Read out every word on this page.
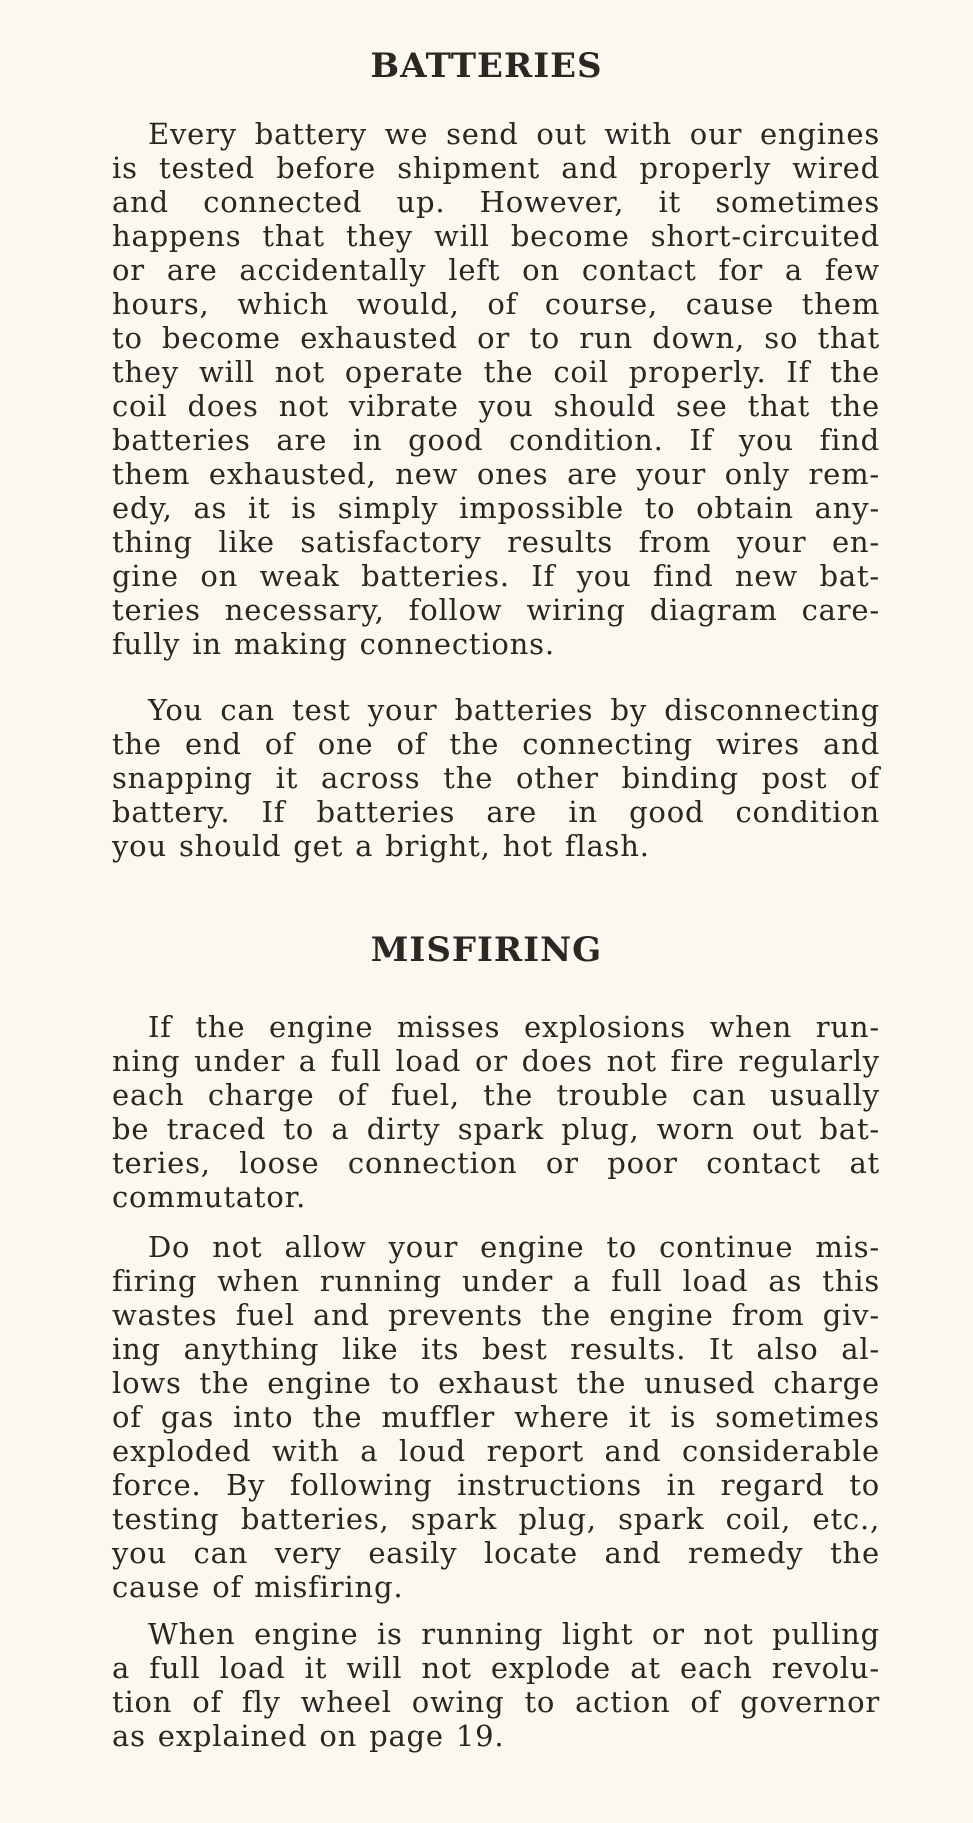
BATTERIES
Every battery we send out with our engines
is tested before shipment and properly wired
and connected up. However, it sometimes
happens that they will become short-circuited
or are accidentally left on contact for a few
hours, which would, of course, cause them
to become exhausted or to run down, so that
they will not operate the coil properly. If the
coil does not vibrate you should see that the
batteries are in good condition. If you find
them exhausted, new ones are your only rem-
edy, as it is simply impossible to obtain any-
thing like satisfactory results from your en-
gine on weak batteries. If you find new bat-
teries necessary, follow wiring diagram care-
fully in making connections.
You can test your batteries by disconnecting
the end of one of the connecting wires and
snapping it across the other binding post of
battery. If batteries are in good condition
you should get a bright, hot flash.
MISFIRING
If the engine misses explosions when run-
ning under a full load or does not fire regularly
each charge of fuel, the trouble can usually
be traced to a dirty spark plug, worn out bat-
teries, loose connection or poor contact at
commutator.
Do not allow your engine to continue mis-
firing when running under a full load as this
wastes fuel and prevents the engine from giv-
ing anything like its best results. It also al-
lows the engine to exhaust the unused charge
of gas into the muffler where it is sometimes
exploded with a loud report and considerable
force. By following instructions in regard to
testing batteries, spark plug, spark coil, etc.,
you can very easily locate and remedy the
cause of misfiring.
When engine is running light or not pulling
a full load it will not explode at each revolu-
tion of fly wheel owing to action of governor
as explained on page 19.
